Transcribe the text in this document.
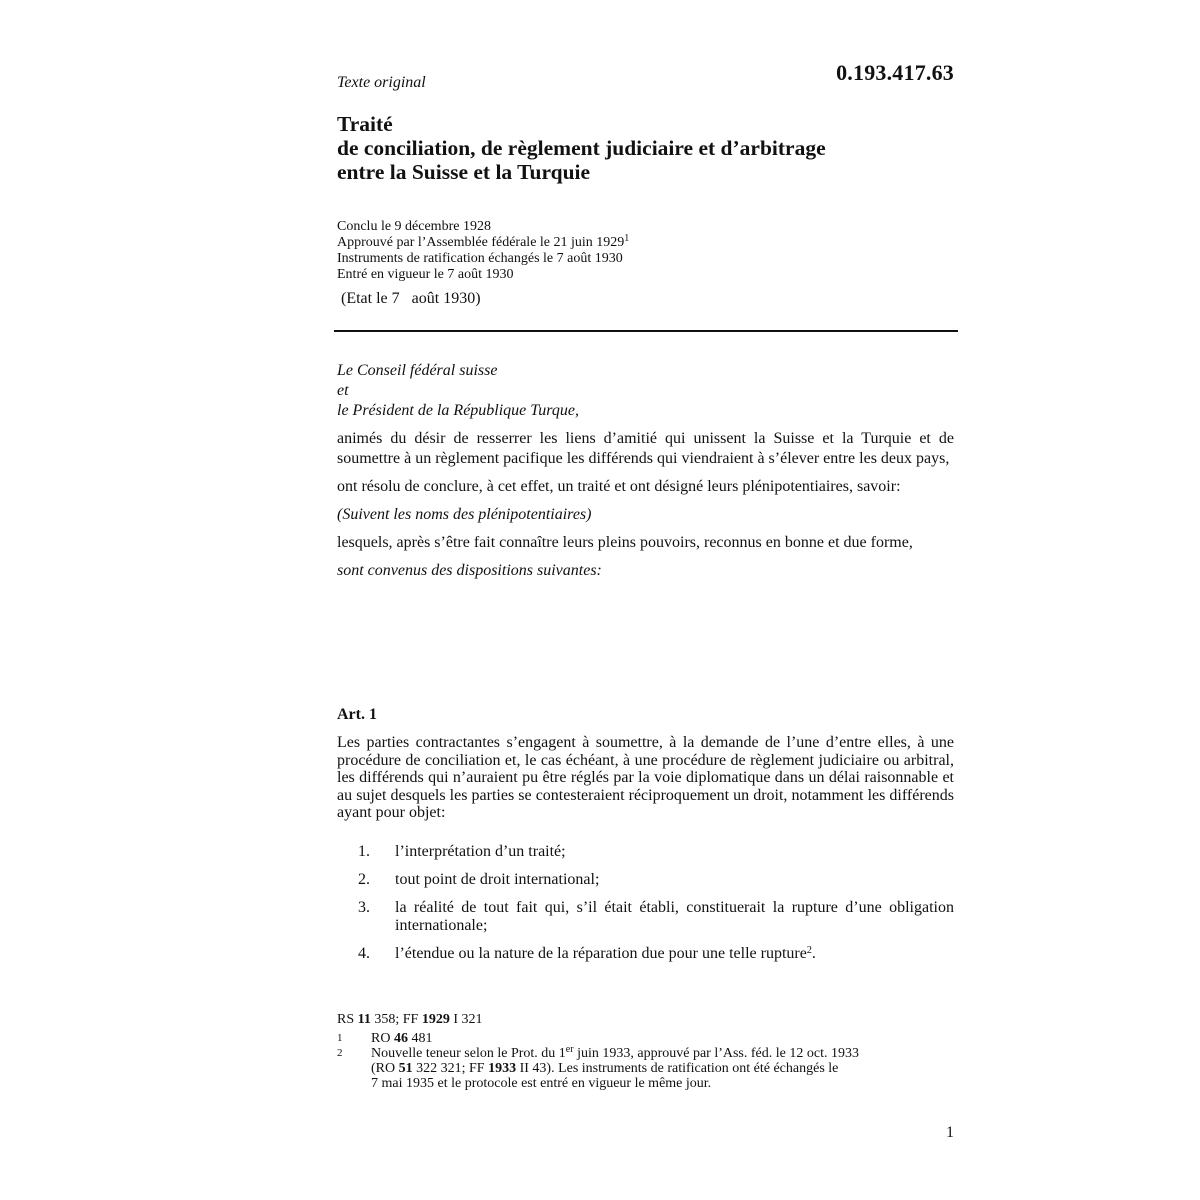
0.193.417.63
Texte original
Traité
de conciliation, de règlement judiciaire et d’arbitrage
entre la Suisse et la Turquie
Conclu le 9 décembre 1928
Approuvé par l’Assemblée fédérale le 21 juin 1929$^1$
Instruments de ratification échangés le 7 août 1930
Entré en vigueur le 7 août 1930
(Etat le 7   août 1930)
Le Conseil fédéral suisse
et
le Président de la République Turque,

animés du désir de resserrer les liens d’amitié qui unissent la Suisse et la Turquie et de soumettre à un règlement pacifique les différends qui viendraient à s’élever entre les deux pays,

ont résolu de conclure, à cet effet, un traité et ont désigné leurs plénipotentiaires, savoir:

(Suivent les noms des plénipotentiaires)

lesquels, après s’être fait connaître leurs pleins pouvoirs, reconnus en bonne et due forme,

sont convenus des dispositions suivantes:

Art. 1

Les parties contractantes s’engagent à soumettre, à la demande de l’une d’entre elles, à une procédure de conciliation et, le cas échéant, à une procédure de règlement judiciaire ou arbitral, les différends qui n’auraient pu être réglés par la voie diplomatique dans un délai raisonnable et au sujet desquels les parties se contesteraient réciproquement un droit, notamment les différends ayant pour objet:

1.	l’interprétation d’un traité;
2.	tout point de droit international;
3.	la réalité de tout fait qui, s’il était établi, constituerait la rupture d’une obligation internationale;
4.	l’étendue ou la nature de la réparation due pour une telle rupture$^2$.
RS 11 358; FF 1929 I 321
1	RO 46 481
2	Nouvelle teneur selon le Prot. du 1er juin 1933, approuvé par l’Ass. féd. le 12 oct. 1933
(RO 51 322 321; FF 1933 II 43). Les instruments de ratification ont été échangés le
7 mai 1935 et le protocole est entré en vigueur le même jour.
1
